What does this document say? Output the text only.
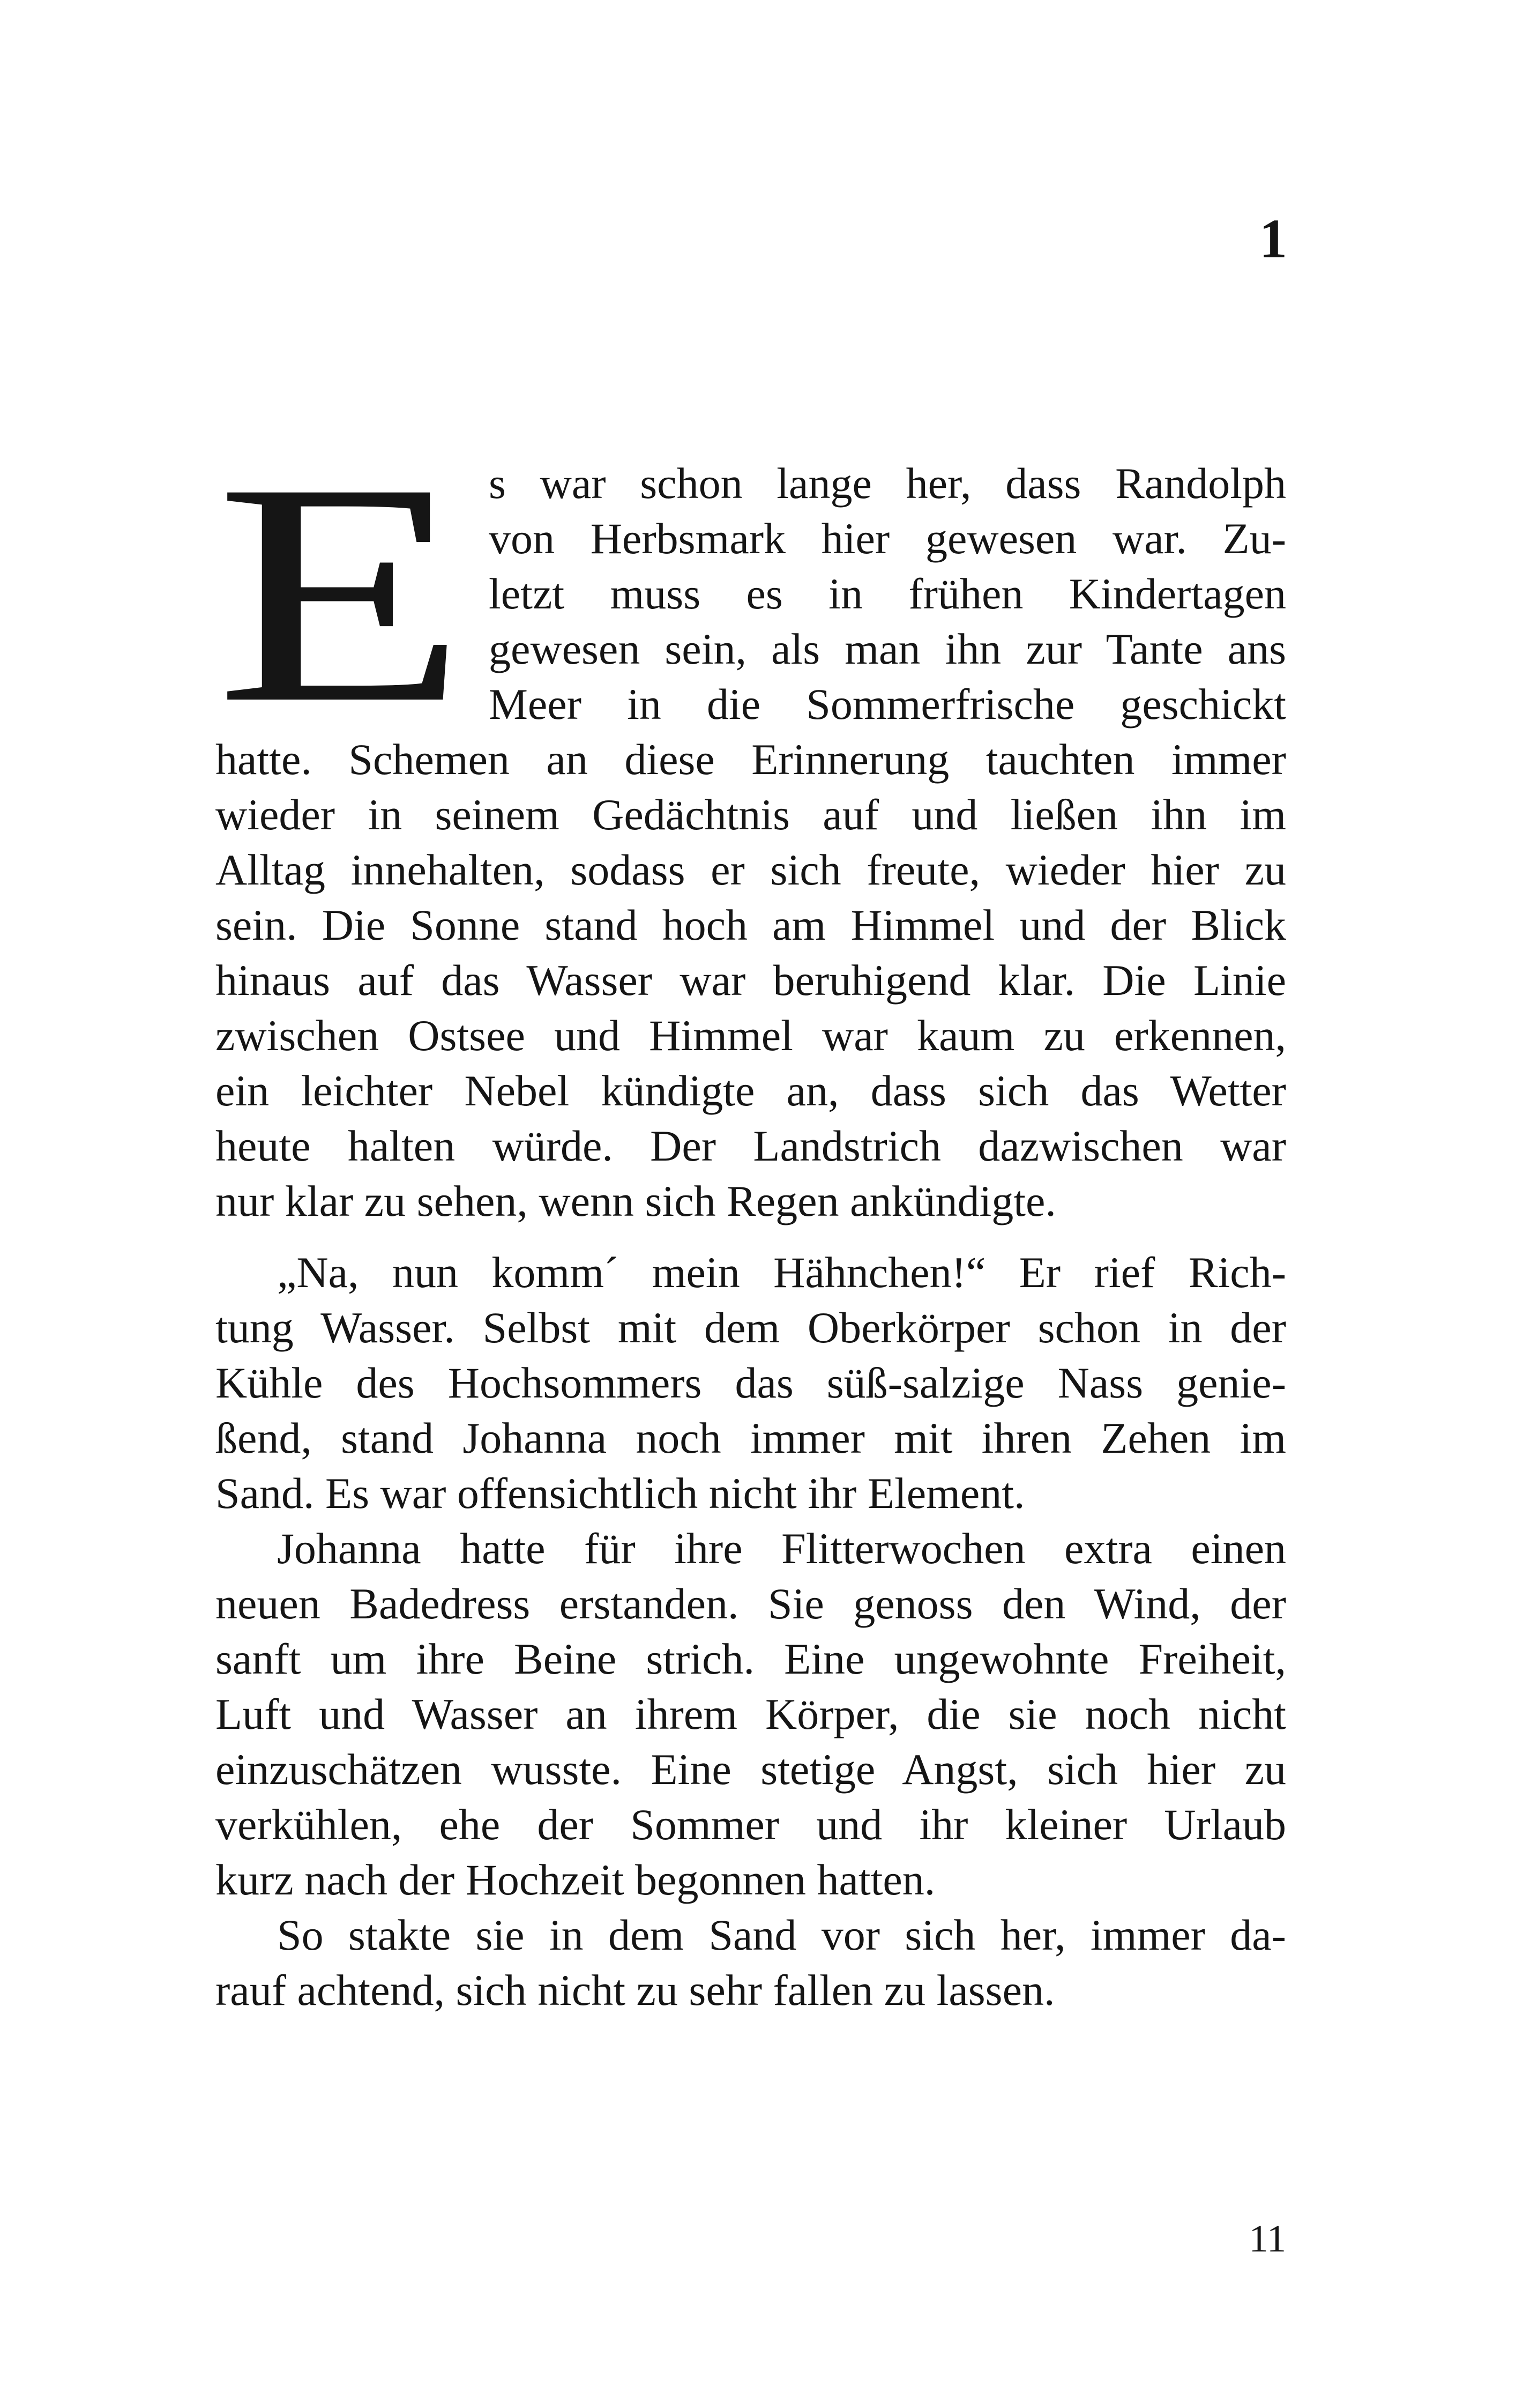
1
E s war schon lange her, dass Randolph
von Herbsmark hier gewesen war. Zu-
letzt muss es in frühen Kindertagen
gewesen sein, als man ihn zur Tante ans
Meer in die Sommerfrische geschickt
hatte. Schemen an diese Erinnerung tauchten immer
wieder in seinem Gedächtnis auf und ließen ihn im
Alltag innehalten, sodass er sich freute, wieder hier zu
sein. Die Sonne stand hoch am Himmel und der Blick
hinaus auf das Wasser war beruhigend klar. Die Linie
zwischen Ostsee und Himmel war kaum zu erkennen,
ein leichter Nebel kündigte an, dass sich das Wetter
heute halten würde. Der Landstrich dazwischen war
nur klar zu sehen, wenn sich Regen ankündigte.
„Na, nun komm´ mein Hähnchen!“ Er rief Rich-
tung Wasser. Selbst mit dem Oberkörper schon in der
Kühle des Hochsommers das süß-salzige Nass genie-
ßend, stand Johanna noch immer mit ihren Zehen im
Sand. Es war offensichtlich nicht ihr Element.
Johanna hatte für ihre Flitterwochen extra einen
neuen Badedress erstanden. Sie genoss den Wind, der
sanft um ihre Beine strich. Eine ungewohnte Freiheit,
Luft und Wasser an ihrem Körper, die sie noch nicht
einzuschätzen wusste. Eine stetige Angst, sich hier zu
verkühlen, ehe der Sommer und ihr kleiner Urlaub
kurz nach der Hochzeit begonnen hatten.
So stakte sie in dem Sand vor sich her, immer da-
rauf achtend, sich nicht zu sehr fallen zu lassen.
11
